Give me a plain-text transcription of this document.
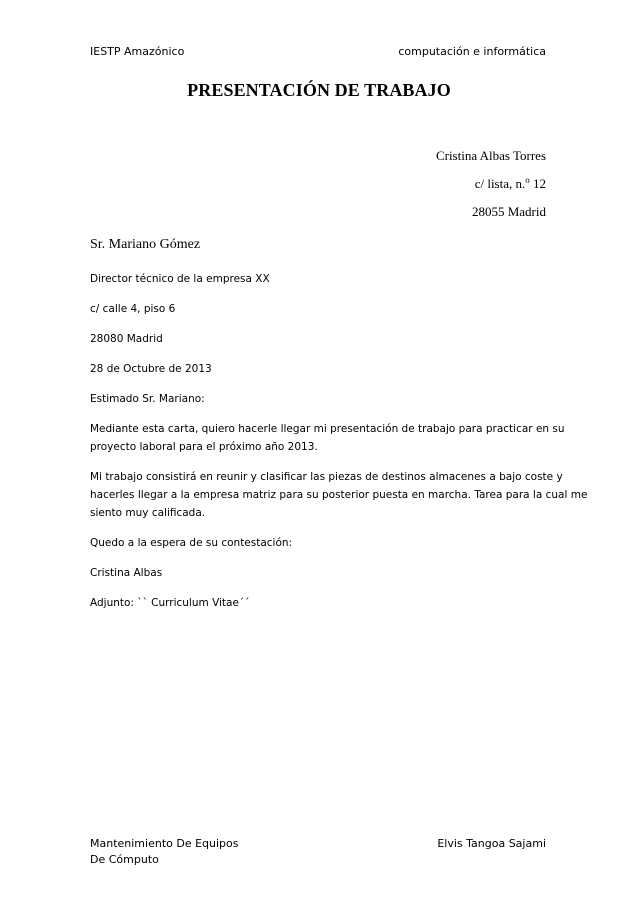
IESTP Amazónico	computación e informática
PRESENTACIÓN DE TRABAJO
Cristina Albas Torres
c/ lista, n.$^o$ 12
28055 Madrid
Sr. Mariano Gómez
Director técnico de la empresa XX
c/ calle 4, piso 6
28080 Madrid
28 de Octubre de 2013
Estimado Sr. Mariano:
Mediante esta carta, quiero hacerle llegar mi presentación de trabajo para practicar en su
proyecto laboral para el próximo año 2013.
Mi trabajo consistirá en reunir y clasificar las piezas de destinos almacenes a bajo coste y
hacerles llegar a la empresa matriz para su posterior puesta en marcha. Tarea para la cual me
siento muy calificada.
Quedo a la espera de su contestación:
Cristina Albas
Adjunto: `` Curriculum Vitae´´
Mantenimiento De Equipos
De Cómputo
Elvis Tangoa Sajami
